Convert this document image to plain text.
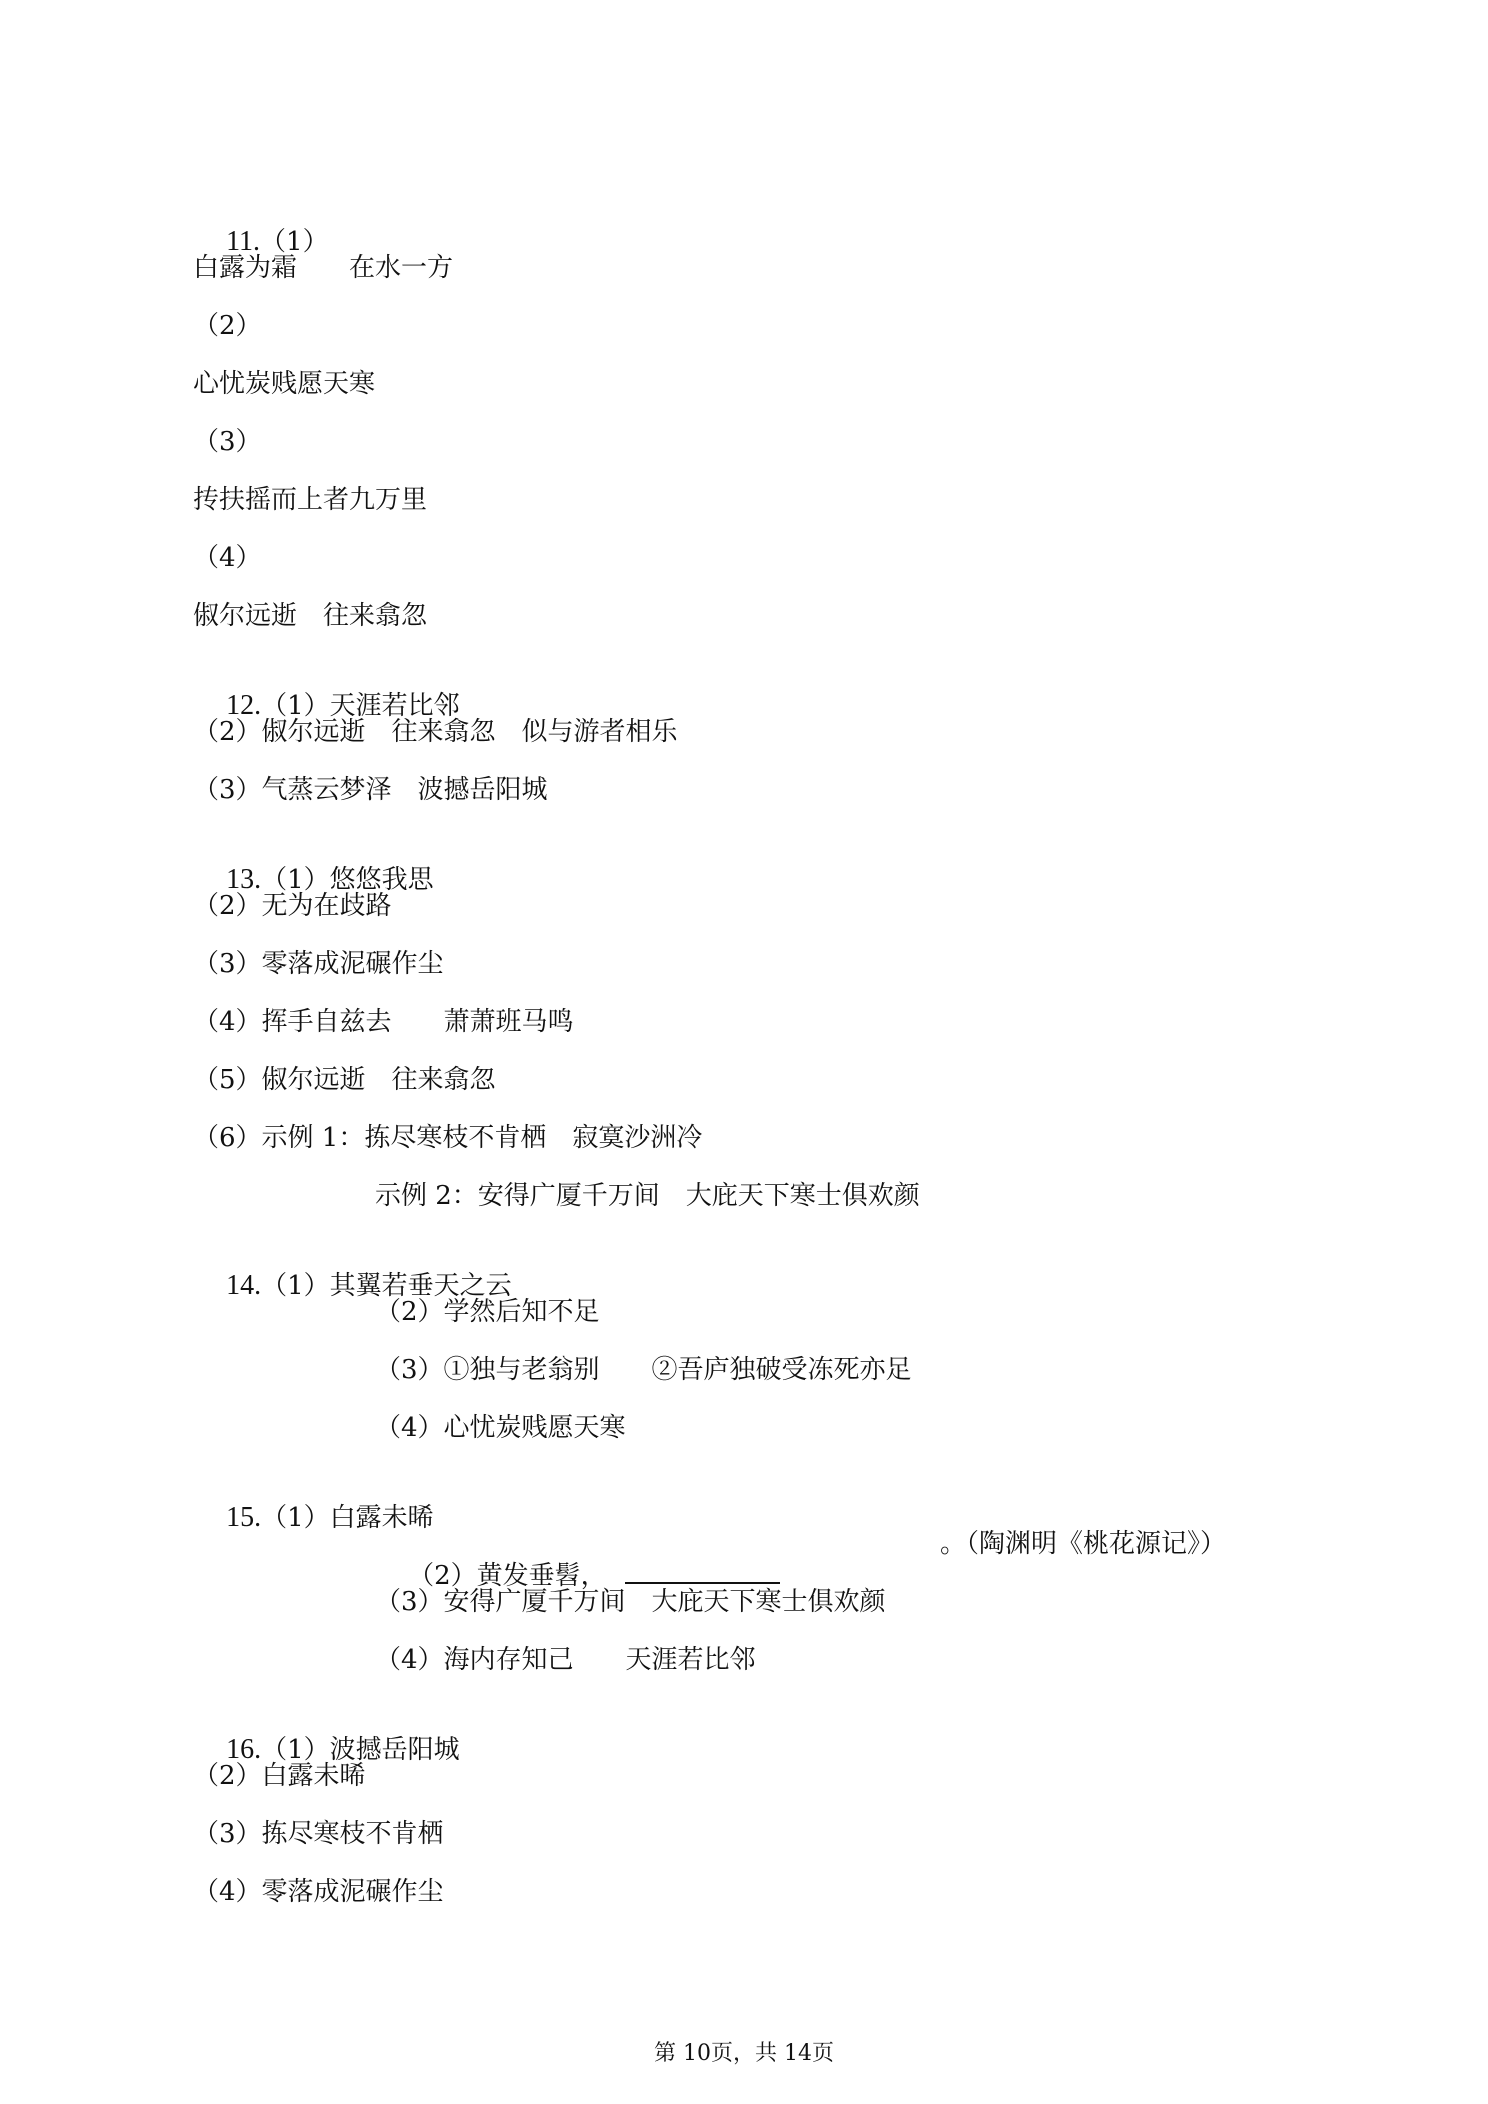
11.（1）

白露为霜　　在水一方
（2）
心忧炭贱愿天寒
（3）
抟扶摇而上者九万里
（4）
俶尔远逝　往来翕忽

12.（1）天涯若比邻

（2）俶尔远逝　往来翕忽　似与游者相乐
（3）气蒸云梦泽　波撼岳阳城

13.（1）悠悠我思

（2）无为在歧路
（3）零落成泥碾作尘
（4）挥手自兹去　　萧萧班马鸣
（5）俶尔远逝　往来翕忽
（6）示例 1：拣尽寒枝不肯栖　寂寞沙洲冷
示例 2：安得广厦千万间　大庇天下寒士俱欢颜

14.（1）其翼若垂天之云

（2）学然后知不足
（3）①独与老翁别　　②吾庐独破受冻死亦足
（4）心忧炭贱愿天寒

15.（1）白露未晞

（2）黄发垂髫，

。（陶渊明《桃花源记》）
（3）安得广厦千万间　大庇天下寒士俱欢颜
（4）海内存知己　　天涯若比邻

16.（1）波撼岳阳城

（2）白露未晞
（3）拣尽寒枝不肯栖
（4）零落成泥碾作尘
第 10页，共 14页
